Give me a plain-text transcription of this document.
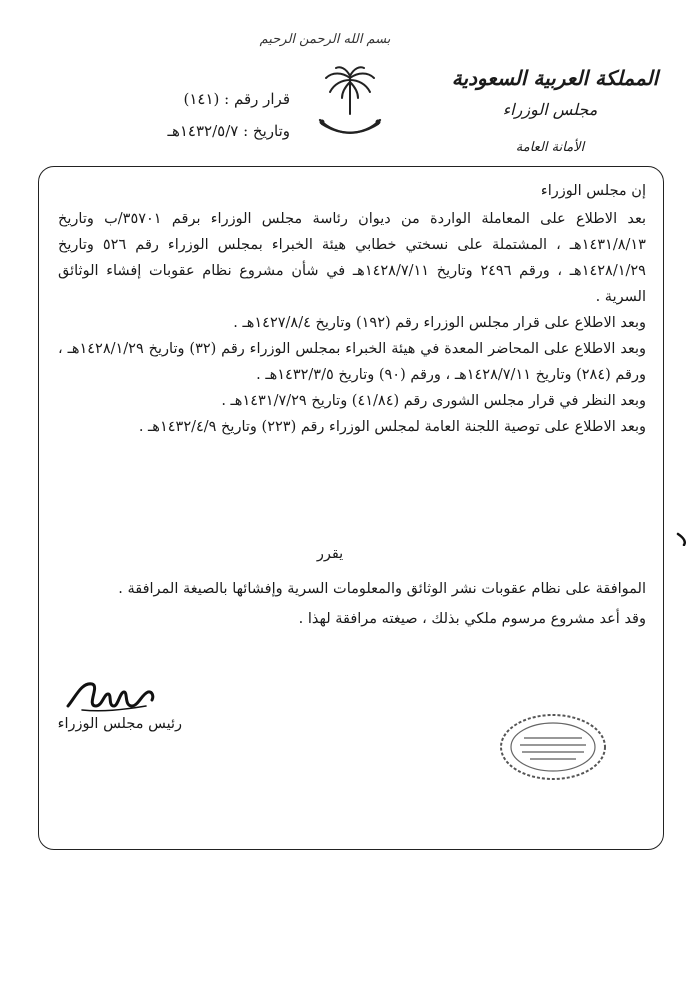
بسم الله الرحمن الرحيم
المملكة العربية السعودية
مجلس الوزراء
الأمانة العامة
قرار رقم : (١٤١)
وتاريخ : ١٤٣٢/٥/٧هـ

إن مجلس الوزراء

بعد الاطلاع على المعاملة الواردة من ديوان رئاسة مجلس الوزراء برقم ٣٥٧٠١/ب وتاريخ ١٤٣١/٨/١٣هـ ، المشتملة على نسختي خطابي هيئة الخبراء بمجلس الوزراء رقم ٥٢٦ وتاريخ ١٤٢٨/١/٢٩هـ ، ورقم ٢٤٩٦ وتاريخ ١٤٢٨/٧/١١هـ في شأن مشروع نظام عقوبات إفشاء الوثائق السرية .

وبعد الاطلاع على قرار مجلس الوزراء رقم (١٩٢) وتاريخ ١٤٢٧/٨/٤هـ .

وبعد الاطلاع على المحاضر المعدة في هيئة الخبراء بمجلس الوزراء رقم (٣٢) وتاريخ ١٤٢٨/١/٢٩هـ ، ورقم (٢٨٤) وتاريخ ١٤٢٨/٧/١١هـ ، ورقم (٩٠) وتاريخ ١٤٣٢/٣/٥هـ .

وبعد النظر في قرار مجلس الشورى رقم (٤١/٨٤) وتاريخ ١٤٣١/٧/٢٩هـ .

وبعد الاطلاع على توصية اللجنة العامة لمجلس الوزراء رقم (٢٢٣) وتاريخ ١٤٣٢/٤/٩هـ .

يقرر

الموافقة على نظام عقوبات نشر الوثائق والمعلومات السرية وإفشائها بالصيغة المرافقة .

وقد أعد مشروع مرسوم ملكي بذلك ، صيغته مرافقة لهذا .

رئيس مجلس الوزراء
